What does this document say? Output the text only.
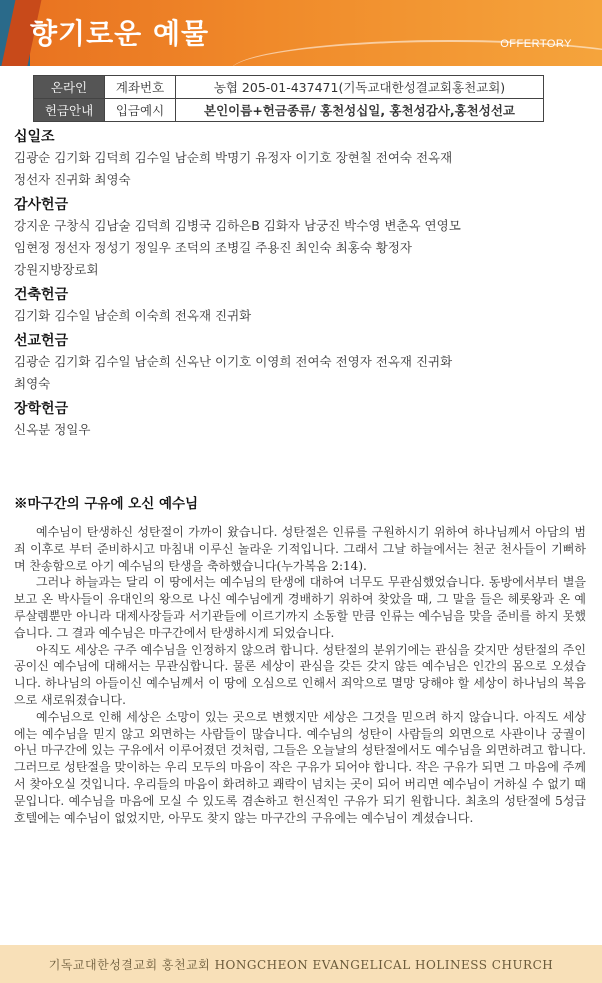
향기로운 예물	OFFERTORY
온라인	계좌번호	농협 205-01-437471(기독교대한성결교회홍천교회)
헌금안내	입금예시	본인이름+헌금종류/ 홍천성십일, 홍천성감사,홍천성선교
십일조
김광순 김기화 김덕희 김수일 남순희 박명기 유정자 이기호 장현칠 전여숙 전옥재
정선자 진귀화 최영숙
감사헌금
강지운 구창식 김남술 김덕희 김병국 김하은B 김화자 남궁진 박수영 변춘옥 연영모
임현정 정선자 정성기 정일우 조덕의 조병길 주용진 최인숙 최홍숙 황정자
강원지방장로회
건축헌금
김기화 김수일 남순희 이숙희 전옥재 진귀화
선교헌금
김광순 김기화 김수일 남순희 신옥난 이기호 이영희 전여숙 전영자 전옥재 진귀화
최영숙
장학헌금
신옥분 정일우
※마구간의 구유에 오신 예수님

예수님이 탄생하신 성탄절이 가까이 왔습니다. 성탄절은 인류를 구원하시기 위하여 하나님께서 아담의 범죄 이후로 부터 준비하시고 마침내 이루신 놀라운 기적입니다. 그래서 그날 하늘에서는 천군 천사들이 기뻐하며 찬송함으로 아기 예수님의 탄생을 축하했습니다(누가복음 2:14).

그러나 하늘과는 달리 이 땅에서는 예수님의 탄생에 대하여 너무도 무관심했었습니다. 동방에서부터 별을 보고 온 박사들이 유대인의 왕으로 나신 예수님에게 경배하기 위하여 찾았을 때, 그 말을 들은 헤롯왕과 온 예루살렘뿐만 아니라 대제사장들과 서기관들에 이르기까지 소동할 만큼 인류는 예수님을 맞을 준비를 하지 못했습니다. 그 결과 예수님은 마구간에서 탄생하시게 되었습니다.

아직도 세상은 구주 예수님을 인정하지 않으려 합니다. 성탄절의 분위기에는 관심을 갖지만 성탄절의 주인공이신 예수님에 대해서는 무관심합니다. 물론 세상이 관심을 갖든 갖지 않든 예수님은 인간의 몸으로 오셨습니다. 하나님의 아들이신 예수님께서 이 땅에 오심으로 인해서 죄악으로 멸망 당해야 할 세상이 하나님의 복음으로 새로워졌습니다.

예수님으로 인해 세상은 소망이 있는 곳으로 변했지만 세상은 그것을 믿으려 하지 않습니다. 아직도 세상에는 예수님을 믿지 않고 외면하는 사람들이 많습니다. 예수님의 성탄이 사람들의 외면으로 사관이나 궁궐이 아닌 마구간에 있는 구유에서 이루어졌던 것처럼, 그들은 오늘날의 성탄절에서도 예수님을 외면하려고 합니다. 그러므로 성탄절을 맞이하는 우리 모두의 마음이 작은 구유가 되어야 합니다. 작은 구유가 되면 그 마음에 주께서 찾아오실 것입니다. 우리들의 마음이 화려하고 쾌락이 넘치는 곳이 되어 버리면 예수님이 거하실 수 없기 때문입니다. 예수님을 마음에 모실 수 있도록 겸손하고 헌신적인 구유가 되기 원합니다. 최초의 성탄절에 5성급 호텔에는 예수님이 없었지만, 아무도 찾지 않는 마구간의 구유에는 예수님이 계셨습니다.

기독교대한성결교회 홍천교회 HONGCHEON EVANGELICAL HOLINESS CHURCH
